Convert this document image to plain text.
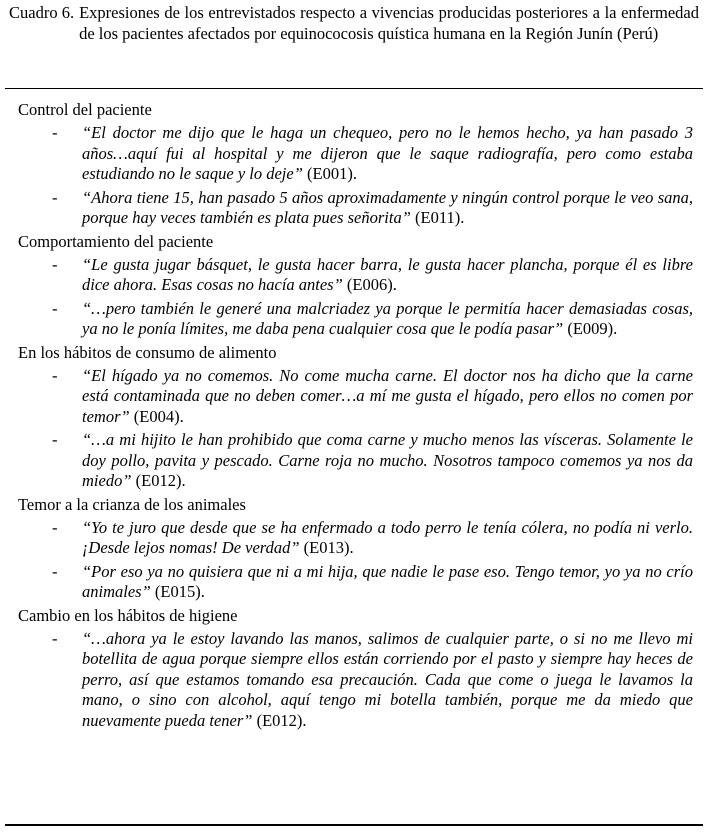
Cuadro 6. Expresiones de los entrevistados respecto a vivencias producidas posteriores a la enfermedad de los pacientes afectados por equinococosis quística humana en la Región Junín (Perú)
Control del paciente
- “El doctor me dijo que le haga un chequeo, pero no le hemos hecho, ya han pasado 3 años…aquí fui al hospital y me dijeron que le saque radiografía, pero como estaba estudiando no le saque y lo deje” (E001).
- “Ahora tiene 15, han pasado 5 años aproximadamente y ningún control porque le veo sana, porque hay veces también es plata pues señorita” (E011).
Comportamiento del paciente
- “Le gusta jugar básquet, le gusta hacer barra, le gusta hacer plancha, porque él es libre dice ahora. Esas cosas no hacía antes” (E006).
- “…pero también le generé una malcriadez ya porque le permitía hacer demasiadas cosas, ya no le ponía límites, me daba pena cualquier cosa que le podía pasar” (E009).
En los hábitos de consumo de alimento
- “El hígado ya no comemos. No come mucha carne. El doctor nos ha dicho que la carne está contaminada que no deben comer…a mí me gusta el hígado, pero ellos no comen por temor” (E004).
- “…a mi hijito le han prohibido que coma carne y mucho menos las vísceras. Solamente le doy pollo, pavita y pescado. Carne roja no mucho. Nosotros tampoco comemos ya nos da miedo” (E012).
Temor a la crianza de los animales
- “Yo te juro que desde que se ha enfermado a todo perro le tenía cólera, no podía ni verlo. ¡Desde lejos nomas! De verdad” (E013).
- “Por eso ya no quisiera que ni a mi hija, que nadie le pase eso. Tengo temor, yo ya no crío animales” (E015).
Cambio en los hábitos de higiene
- “…ahora ya le estoy lavando las manos, salimos de cualquier parte, o si no me llevo mi botellita de agua porque siempre ellos están corriendo por el pasto y siempre hay heces de perro, así que estamos tomando esa precaución. Cada que come o juega le lavamos la mano, o sino con alcohol, aquí tengo mi botella también, porque me da miedo que nuevamente pueda tener” (E012).
